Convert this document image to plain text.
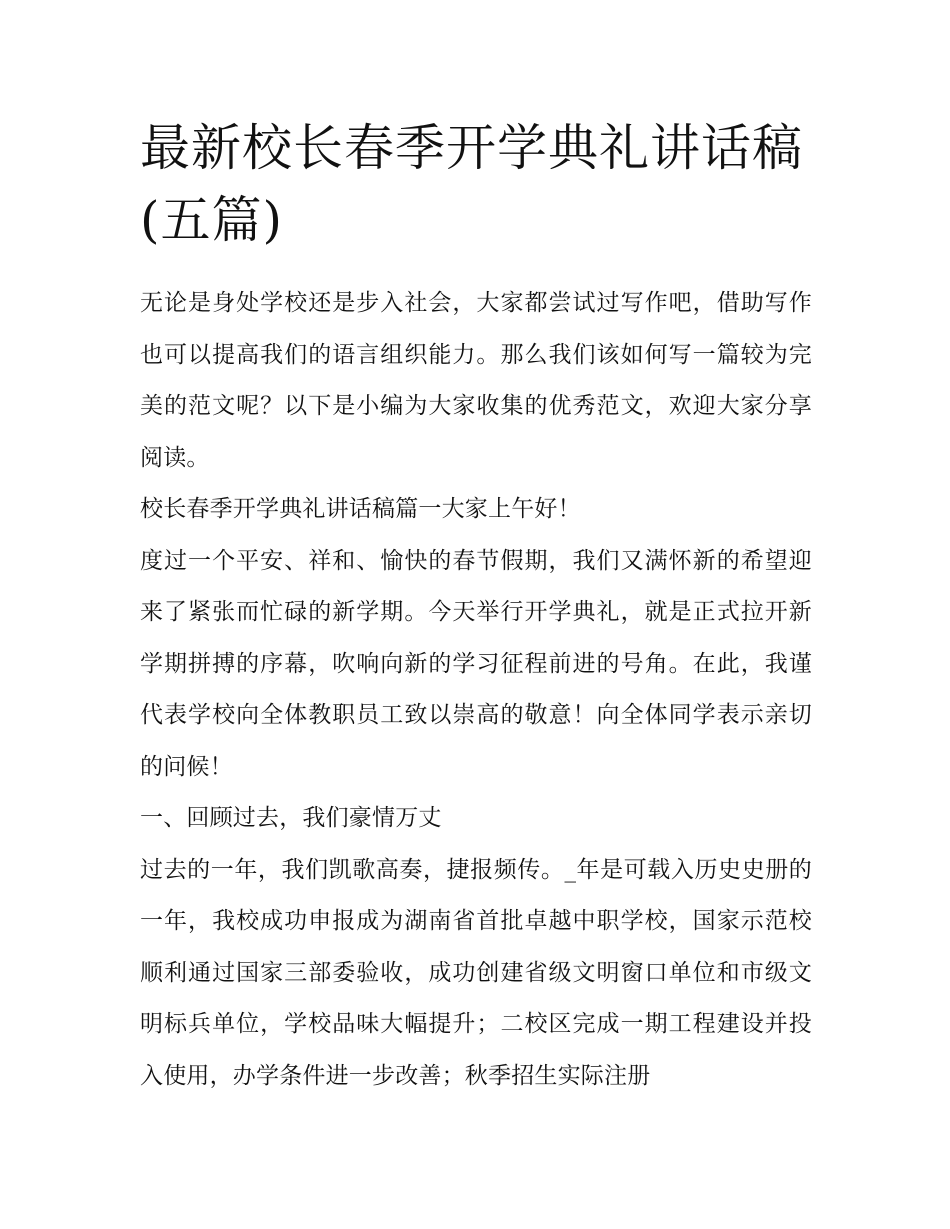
最新校长春季开学典礼讲话稿(五篇)

无论是身处学校还是步入社会，大家都尝试过写作吧，借助写作也可以提高我们的语言组织能力。那么我们该如何写一篇较为完美的范文呢？以下是小编为大家收集的优秀范文，欢迎大家分享阅读。

校长春季开学典礼讲话稿篇一大家上午好！

度过一个平安、祥和、愉快的春节假期，我们又满怀新的希望迎来了紧张而忙碌的新学期。今天举行开学典礼，就是正式拉开新学期拼搏的序幕，吹响向新的学习征程前进的号角。在此，我谨代表学校向全体教职员工致以崇高的敬意！向全体同学表示亲切的问候！

一、回顾过去，我们豪情万丈

过去的一年，我们凯歌高奏，捷报频传。_年是可载入历史史册的一年，我校成功申报成为湖南省首批卓越中职学校，国家示范校顺利通过国家三部委验收，成功创建省级文明窗口单位和市级文明标兵单位，学校品味大幅提升；二校区完成一期工程建设并投入使用，办学条件进一步改善；秋季招生实际注册
